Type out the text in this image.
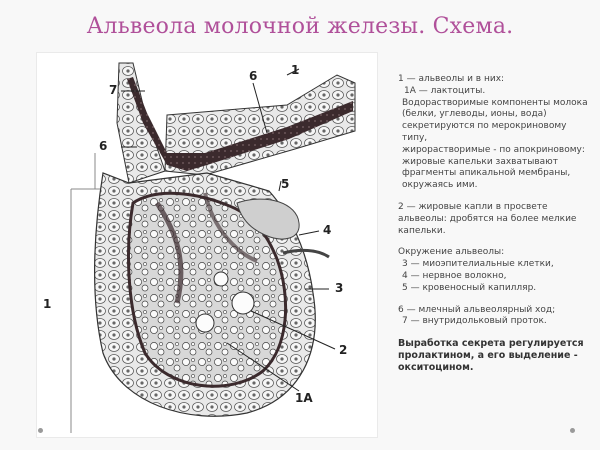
Альвеола молочной железы. Схема.
7
6
6	1
5
4
3
1
2
1A

1 — альвеолы и в них:

1А — лактоциты.

Водорастворимые компоненты молока (белки, углеводы, ионы, вода) секретируются по мерокриновому типу,

жирорастворимые - по апокриновому: жировые капельки захватывают фрагменты апикальной мембраны, окружаясь ими.

2 — жировые капли в просвете альвеолы: дробятся на более мелкие капельки.

Окружение альвеолы:

3 — миоэпителиальные клетки,

4 — нервное волокно,

5 — кровеносный капилляр.

6 — млечный альвеолярный ход;

7 — внутридольковый проток.

Выработка секрета регулируется пролактином, а его выделение - окситоцином.
